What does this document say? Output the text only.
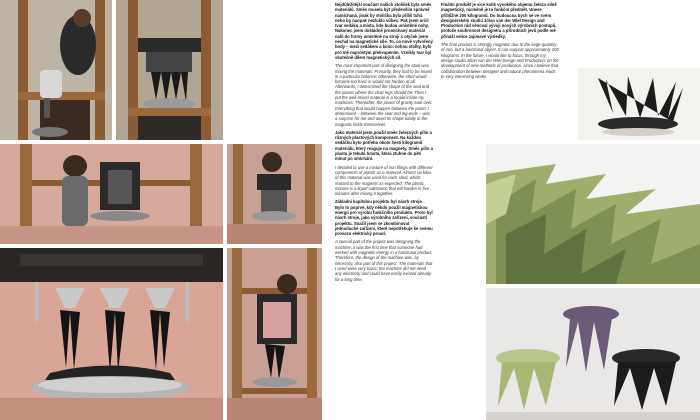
Nejdůležitější součást našich stoliček byla směs materiálů. Směs musela být především správně namíchaná, jinak by stolička byla příliš tuhá nebo by naopak nezluklo vůbec. Pak jsem určil tvar sedáku a místa, kde budou umístěné nohy. Nakonec jsem dokládně promíchaný materiál nalil do formy umístěné na stroji s otyček jsem nechal na magnetické síle. To, co nově vytvořený body – mezi sedákem a konci nohou stolky, bylo pro mě naprostým překvapením. Vznikly tvar byl skutečně dílem magnetických sil.

The most important part of designing the stool was mixing the materials. Primarily, they had to be mixed in a particular balance; otherwise, the stool would become too hard or would not harden at all. Afterwards, I determined the shape of the seat and the places where the chair legs should be. Then I put the well-mixed material in a mould inside my machines. Thereafter, the power of gravity took over. Everything that would happen between the points I determined – between the seat and leg-ends – was a surprise for me and owed its shape totally to the magnetic fields themselves.

Jako materiál jsem použil směs železných pilin a různých plastových komponent. Na každou sedáčku bylo potřeba okolo šesti kilogramů materiálu, který reaguje na magnety. Směs pilin a plastu je tekutá hmota, která ztuhne do pěti minut po smíchání.

I decided to use a mixture of iron filings with different components of plastic as a material. Almost six kilos of this material was used for each stool, which reacted to the magnets as expected. The plastic mixture is a liquid substance that will harden in five minutes after mixing it together.

Základní kapitolou projektu byl návrh stroje. Bylo to poprvé, kdy někdo použil magnetickou energii pro výrobu funkčního produktu. Proto byl návrh stroje, jako výrobního zařízení, součástí projektu. Snažil jsem se zkombinovat jednoduché zařízení, které nepotřebuje ke svému provozu elektrický proud.

A special part of the project was designing the machine, it was the first time that someone had worked with magnetic energy in a functional product. Therefore, the design of the machine was, by necessity, also part of this project. The materials that I used were very basic; the machine did not need any electricity and could have easily existed already for a long time.

Finální produkt je sice kolik vysokého objemu železa silně magnetický, nicméně je to funkční předmět. Unese přibližně 200 kilogramů. Do budoucna bych se ve svém designérském studiu Jólan van der Wiel Design and Production rád věnoval vývoji nových výrobních postupů, protože souhrnnost designéra a přírodních jevů podle mě přináší velice zajímavé výsledky.

The final product is strongly magnetic due to the large quantity of iron, but a functional object. It can support approximately 200 kilograms. In the future, I would like to focus, through my design studio Jólan van der Wiel Design and Production, on the development of new methods of production, since I believe that collaboration between designer and natural phenomena leads to very interesting works.
